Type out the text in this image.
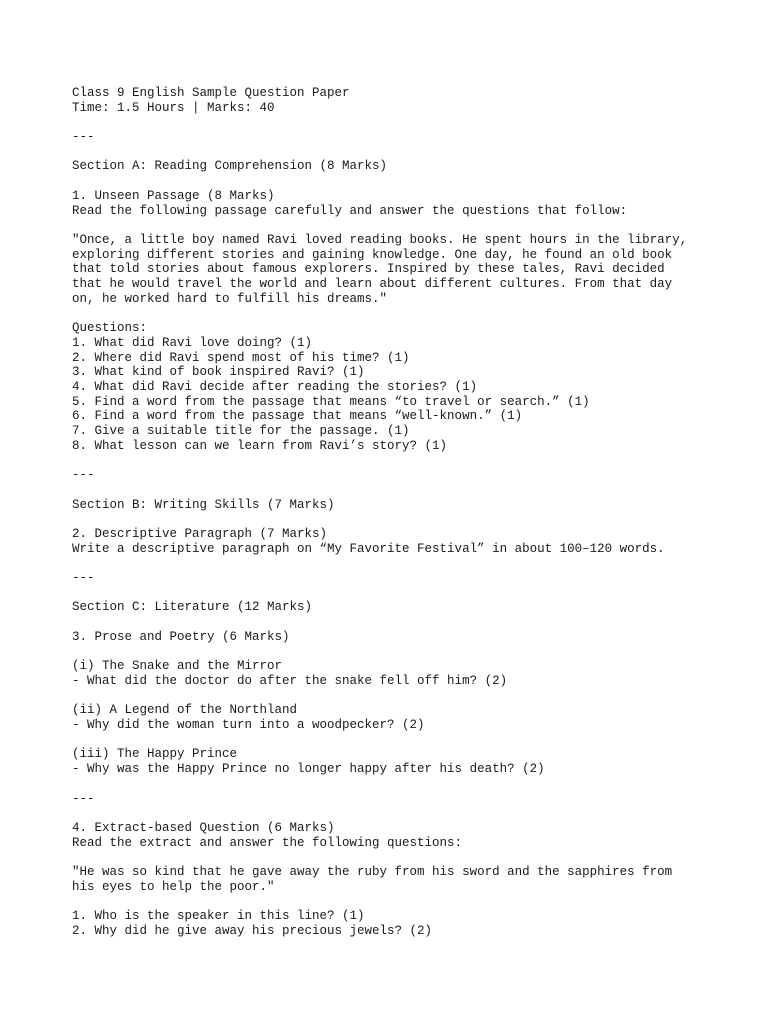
Class 9 English Sample Question Paper
Time: 1.5 Hours | Marks: 40
---
Section A: Reading Comprehension (8 Marks)
1. Unseen Passage (8 Marks)
Read the following passage carefully and answer the questions that follow:
"Once, a little boy named Ravi loved reading books. He spent hours in the library,
exploring different stories and gaining knowledge. One day, he found an old book
that told stories about famous explorers. Inspired by these tales, Ravi decided
that he would travel the world and learn about different cultures. From that day
on, he worked hard to fulfill his dreams."
Questions:
1. What did Ravi love doing? (1)
2. Where did Ravi spend most of his time? (1)
3. What kind of book inspired Ravi? (1)
4. What did Ravi decide after reading the stories? (1)
5. Find a word from the passage that means “to travel or search.” (1)
6. Find a word from the passage that means “well-known.” (1)
7. Give a suitable title for the passage. (1)
8. What lesson can we learn from Ravi’s story? (1)
---
Section B: Writing Skills (7 Marks)
2. Descriptive Paragraph (7 Marks)
Write a descriptive paragraph on “My Favorite Festival” in about 100–120 words.
---
Section C: Literature (12 Marks)
3. Prose and Poetry (6 Marks)
(i) The Snake and the Mirror
- What did the doctor do after the snake fell off him? (2)
(ii) A Legend of the Northland
- Why did the woman turn into a woodpecker? (2)
(iii) The Happy Prince
- Why was the Happy Prince no longer happy after his death? (2)
---
4. Extract-based Question (6 Marks)
Read the extract and answer the following questions:
"He was so kind that he gave away the ruby from his sword and the sapphires from
his eyes to help the poor."
1. Who is the speaker in this line? (1)
2. Why did he give away his precious jewels? (2)
